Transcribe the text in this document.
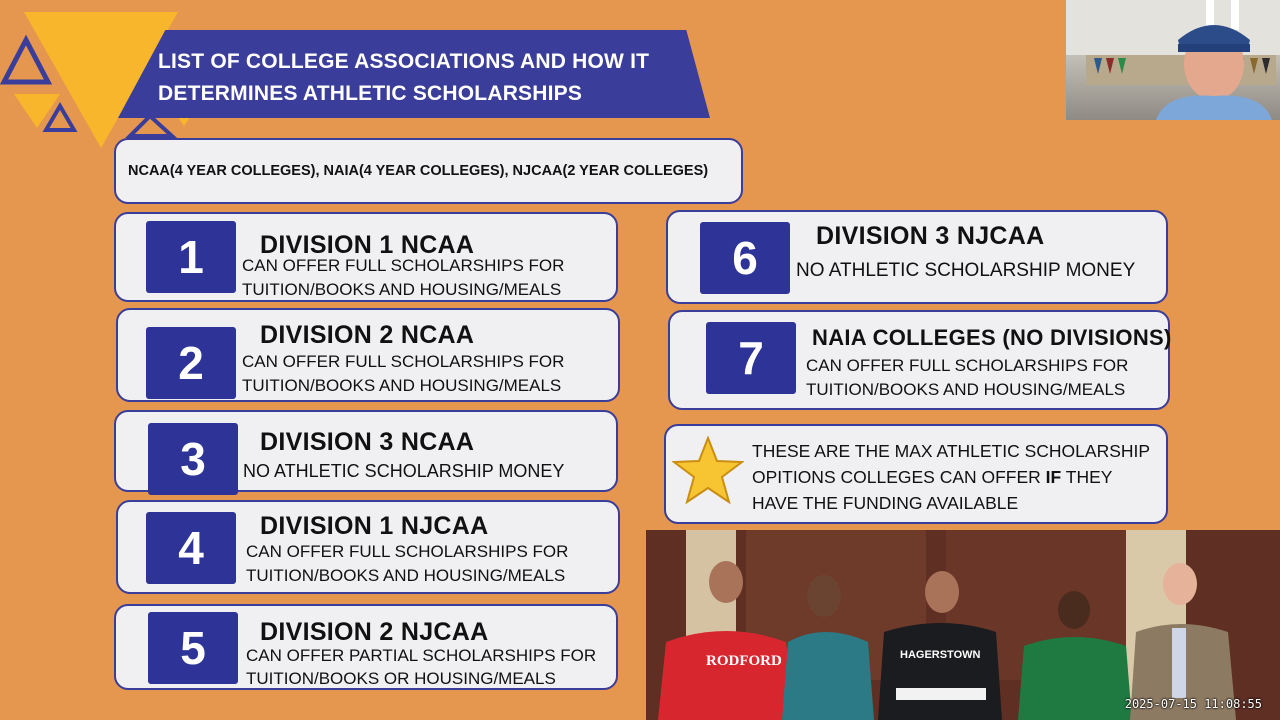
LIST OF COLLEGE ASSOCIATIONS AND HOW IT
DETERMINES ATHLETIC SCHOLARSHIPS
NCAA(4 YEAR COLLEGES), NAIA(4 YEAR COLLEGES), NJCAA(2 YEAR COLLEGES)
1	DIVISION 1 NCAA
CAN OFFER FULL SCHOLARSHIPS FOR
TUITION/BOOKS AND HOUSING/MEALS
2
DIVISION 2 NCAA
CAN OFFER FULL SCHOLARSHIPS FOR
TUITION/BOOKS AND HOUSING/MEALS
3	DIVISION 3 NCAA
NO ATHLETIC SCHOLARSHIP MONEY
4	DIVISION 1 NJCAA
CAN OFFER FULL SCHOLARSHIPS FOR
TUITION/BOOKS AND HOUSING/MEALS
5	DIVISION 2 NJCAA
CAN OFFER PARTIAL SCHOLARSHIPS FOR
TUITION/BOOKS OR HOUSING/MEALS
6	DIVISION 3 NJCAA
NO ATHLETIC SCHOLARSHIP MONEY
7	NAIA COLLEGES (NO DIVISIONS)
CAN OFFER FULL SCHOLARSHIPS FOR
TUITION/BOOKS AND HOUSING/MEALS
THESE ARE THE MAX ATHLETIC SCHOLARSHIP
OPITIONS COLLEGES CAN OFFER IF THEY
HAVE THE FUNDING AVAILABLE
RODFORD	HAGERSTOWN
2025-07-15 11:08:55
